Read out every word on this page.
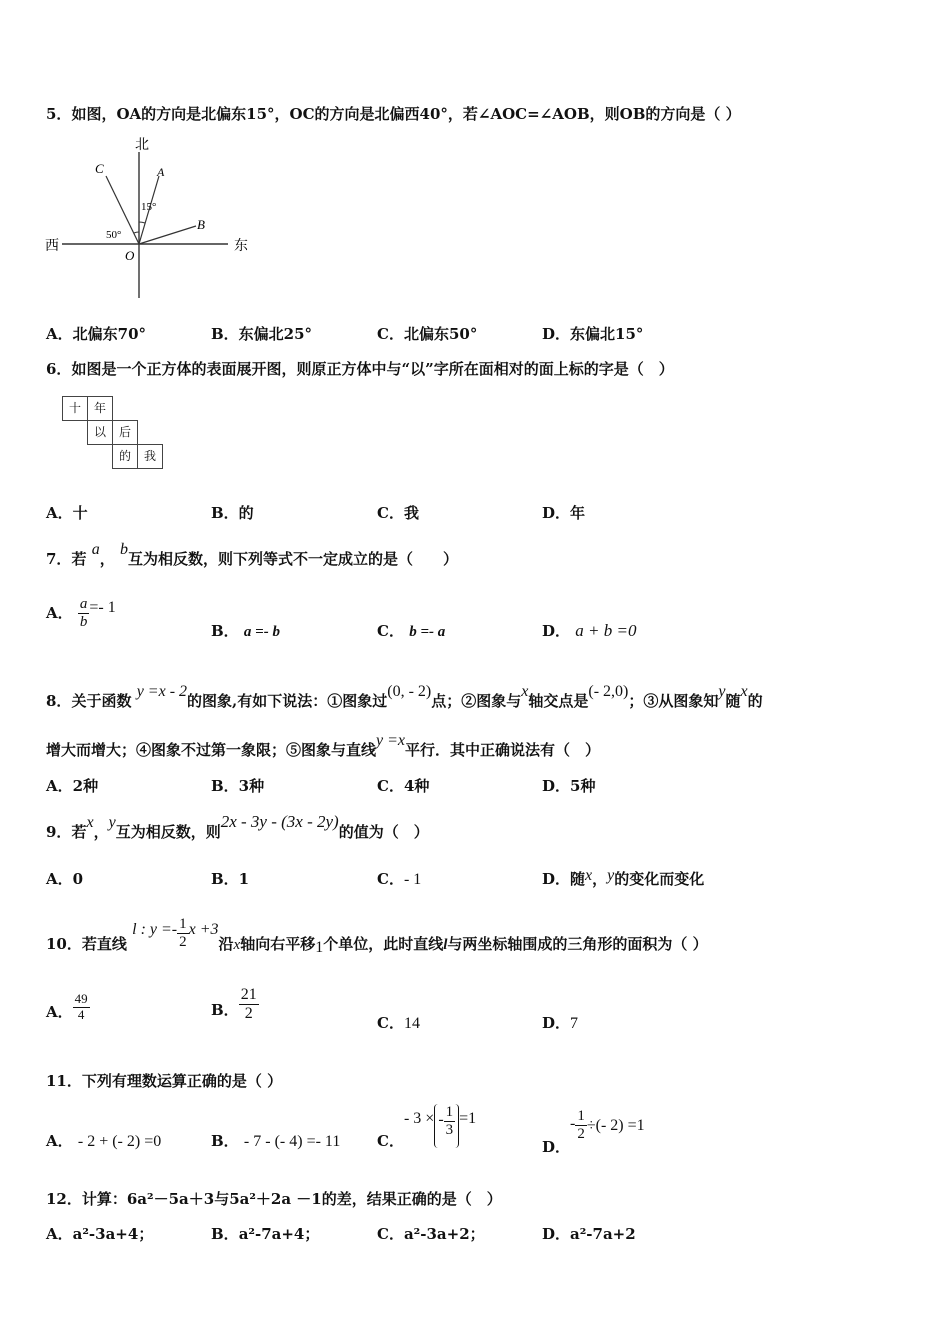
5．如图，OA的方向是北偏东15°，OC的方向是北偏西40°，若∠AOC=∠AOB，则OB的方向是（ ）
北
西	东
C	A
B
O
15°
50°
A．北偏东70°	B．东偏北25°	C．北偏东50°	D．东偏北15°
6．如图是一个正方体的表面展开图，则原正方体中与“以”字所在面相对的面上标的字是（　）
十	年
以	后
的	我
A．十	B．的	C．我	D．年
7．若 a， b互为相反数，则下列等式不一定成立的是（　　）
A． $\frac{a}{b} =- 1$
B． a =- b	C． b =- a	D． a + b =0
8．关于函数 y =x - 2的图象,有如下说法：①图象过(0, - 2)点；②图象与x轴交点是(- 2,0)；③从图象知y随x的
增大而增大；④图象不过第一象限；⑤图象与直线y =x平行．其中正确说法有（　）
A．2种	B．3种	C．4种	D．5种
9．若x，y互为相反数，则2x - 3y - (3x - 2y)的值为（　）
A．0	B．1	C．- 1	D．随x，y的变化而变化
10．若直线 l : $y =- \frac{1}{2}$ x +3沿x轴向右平移1个单位，此时直线l与两坐标轴围成的三角形的面积为（ ）
A． $\frac{49}{4}$	B． $\frac{21}{2}$	C．14	D．7
11．下列有理数运算正确的是（ ）
A． - 2 + (- 2) =0	B． - 7 - (- 4) =- 11 C．- 3 × - $\frac{1}{3} =1$
D．- $\frac{1}{2}$ ÷(- 2) =1
12．计算：6a²－5a＋3与5a²＋2a －1的差，结果正确的是（　）
A．a²-3a+4；	B．a²-7a+4；	C．a²-3a+2；	D．a²-7a+2
